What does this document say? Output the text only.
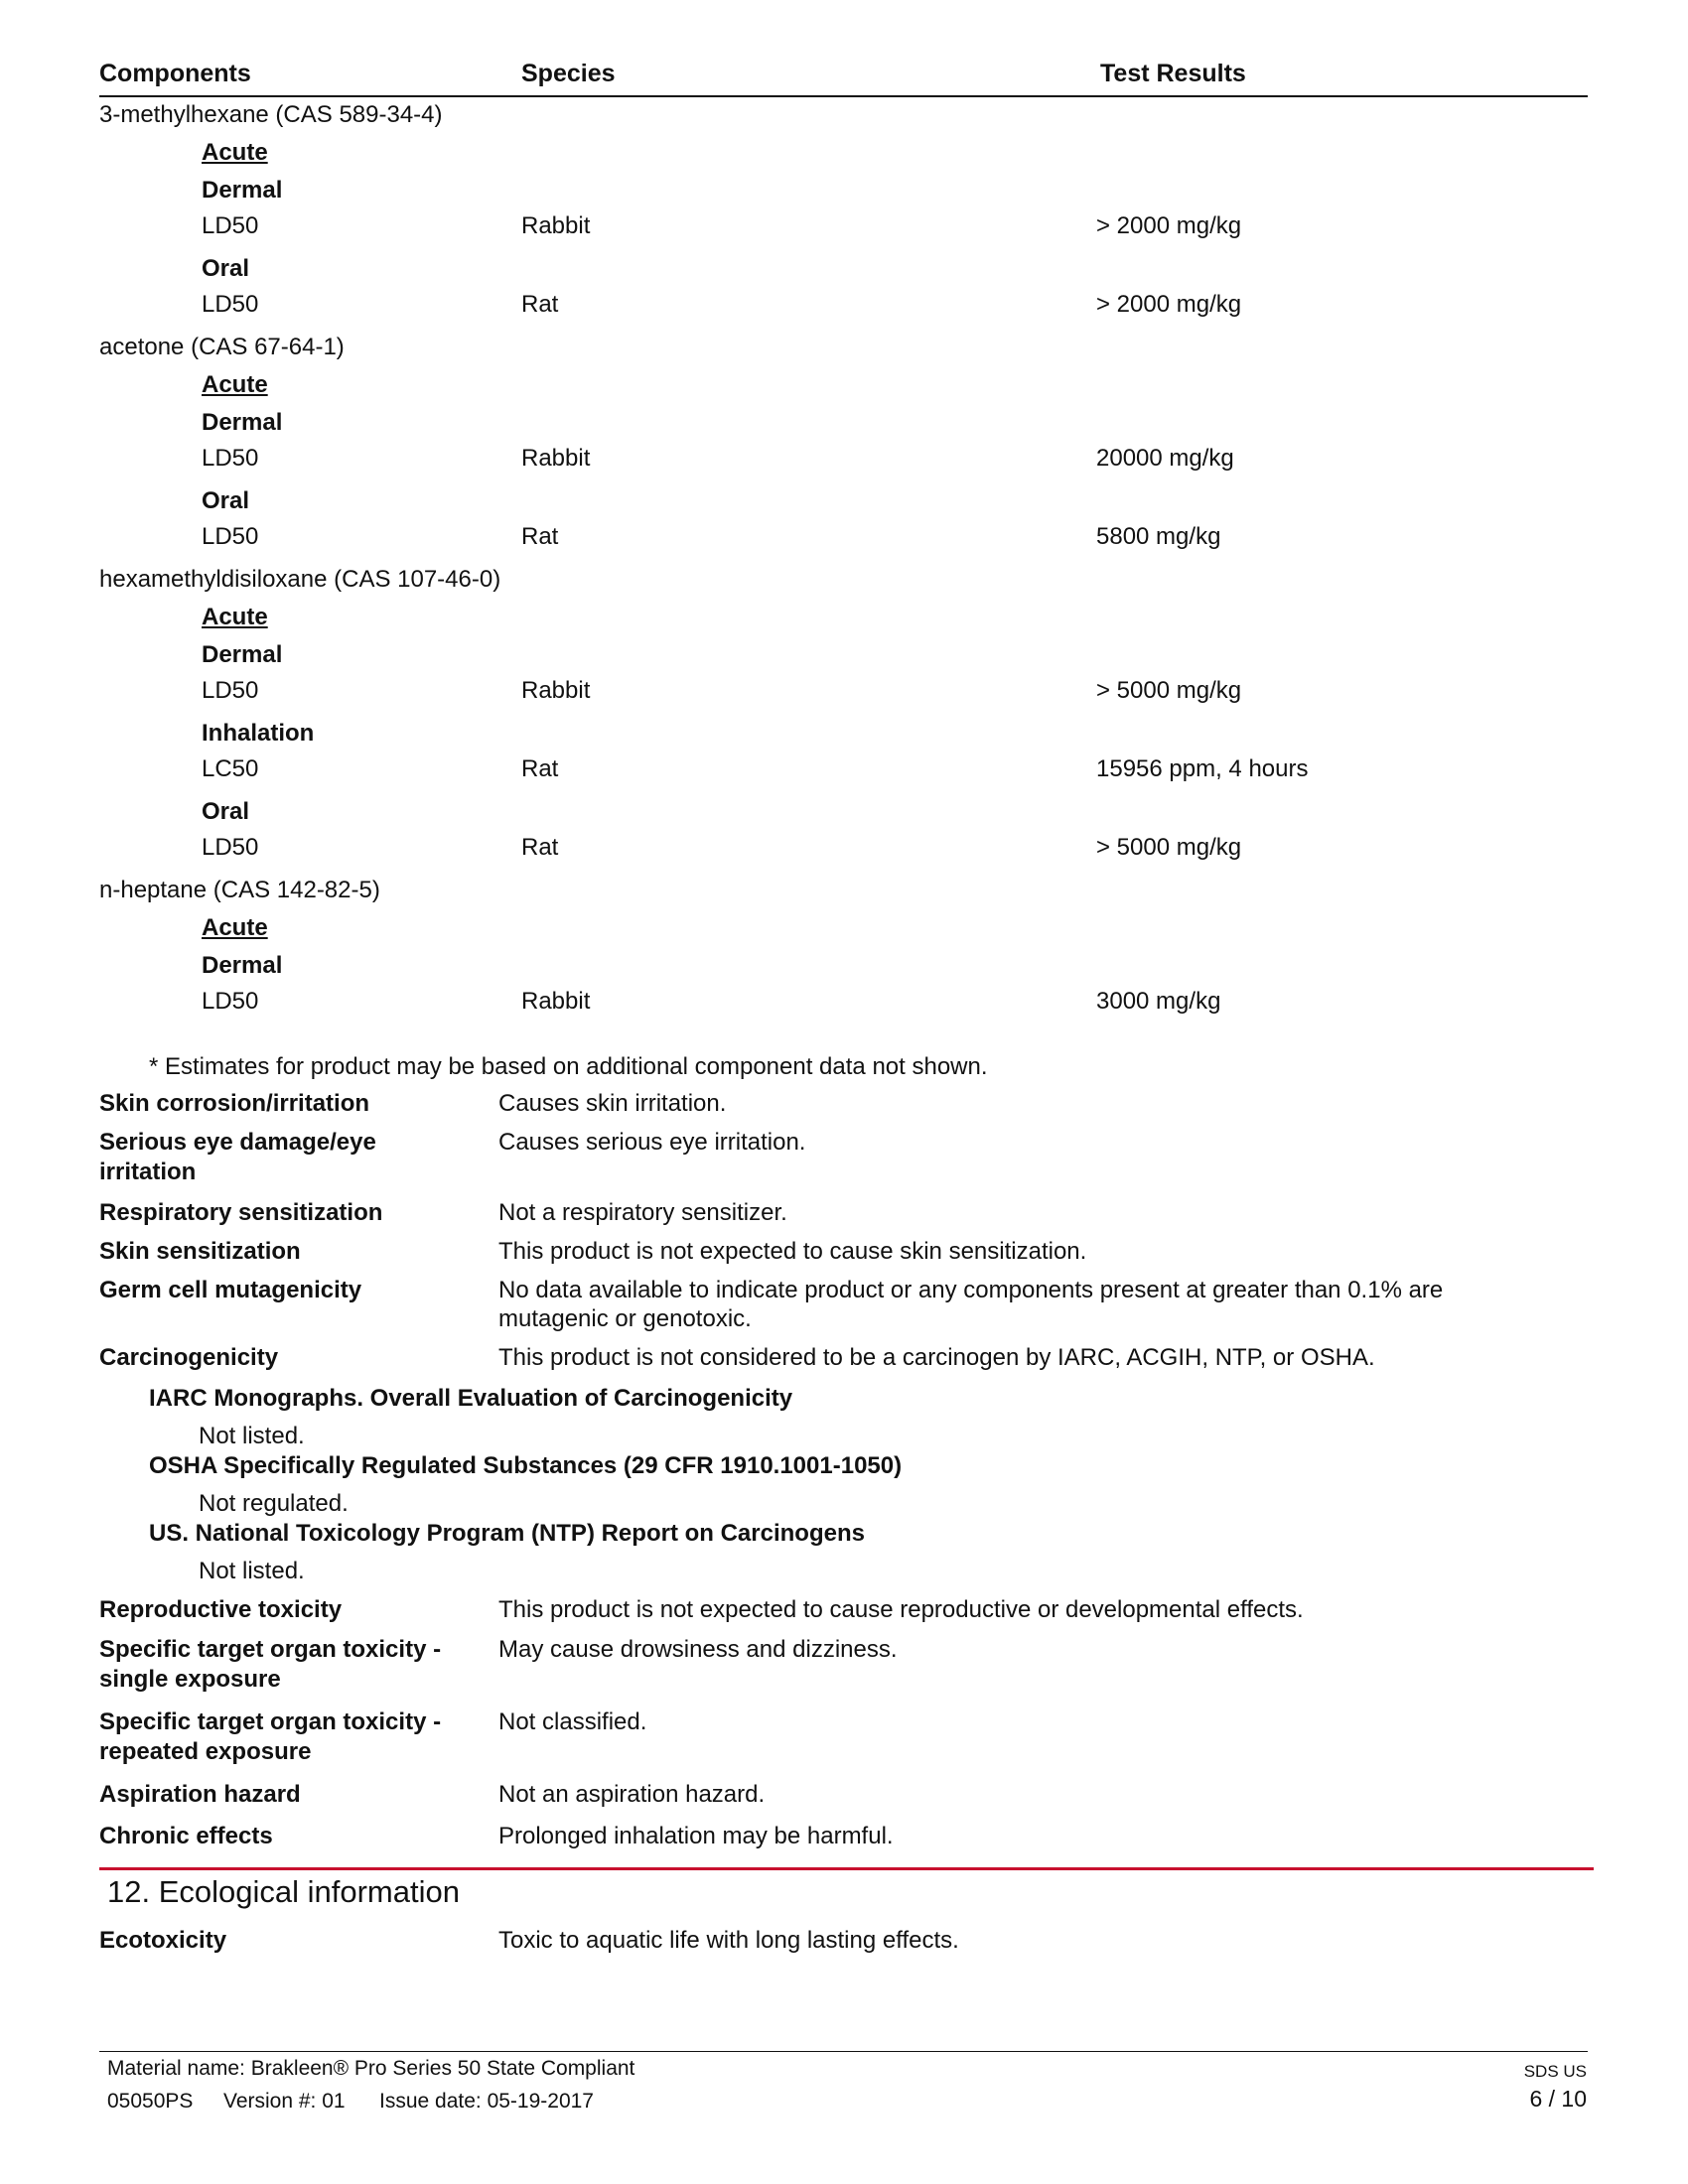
Components	Species	Test Results
3-methylhexane (CAS 589-34-4)
Acute
Dermal
LD50	Rabbit	> 2000 mg/kg
Oral
LD50	Rat	> 2000 mg/kg
acetone (CAS 67-64-1)
Acute
Dermal
LD50	Rabbit	20000 mg/kg
Oral
LD50	Rat	5800 mg/kg
hexamethyldisiloxane (CAS 107-46-0)
Acute
Dermal
LD50	Rabbit	> 5000 mg/kg
Inhalation
LC50	Rat	15956 ppm, 4 hours
Oral
LD50	Rat	> 5000 mg/kg
n-heptane (CAS 142-82-5)
Acute
Dermal
LD50	Rabbit	3000 mg/kg
* Estimates for product may be based on additional component data not shown.
Skin corrosion/irritation	Causes skin irritation.
Serious eye damage/eye irritation
Causes serious eye irritation.
Respiratory sensitization	Not a respiratory sensitizer.
Skin sensitization	This product is not expected to cause skin sensitization.
Germ cell mutagenicity	No data available to indicate product or any components present at greater than 0.1% are mutagenic or genotoxic.
Carcinogenicity	This product is not considered to be a carcinogen by IARC, ACGIH, NTP, or OSHA.
IARC Monographs. Overall Evaluation of Carcinogenicity
Not listed.
OSHA Specifically Regulated Substances (29 CFR 1910.1001-1050)
Not regulated.
US. National Toxicology Program (NTP) Report on Carcinogens
Not listed.
Reproductive toxicity	This product is not expected to cause reproductive or developmental effects.
Specific target organ toxicity - single exposure
May cause drowsiness and dizziness.
Specific target organ toxicity - repeated exposure
Not classified.
Aspiration hazard	Not an aspiration hazard.
Chronic effects	Prolonged inhalation may be harmful.
12. Ecological information
Ecotoxicity	Toxic to aquatic life with long lasting effects.
Material name: Brakleen® Pro Series 50 State Compliant
05050PS Version #: 01 Issue date: 05-19-2017
SDS US
6 / 10
